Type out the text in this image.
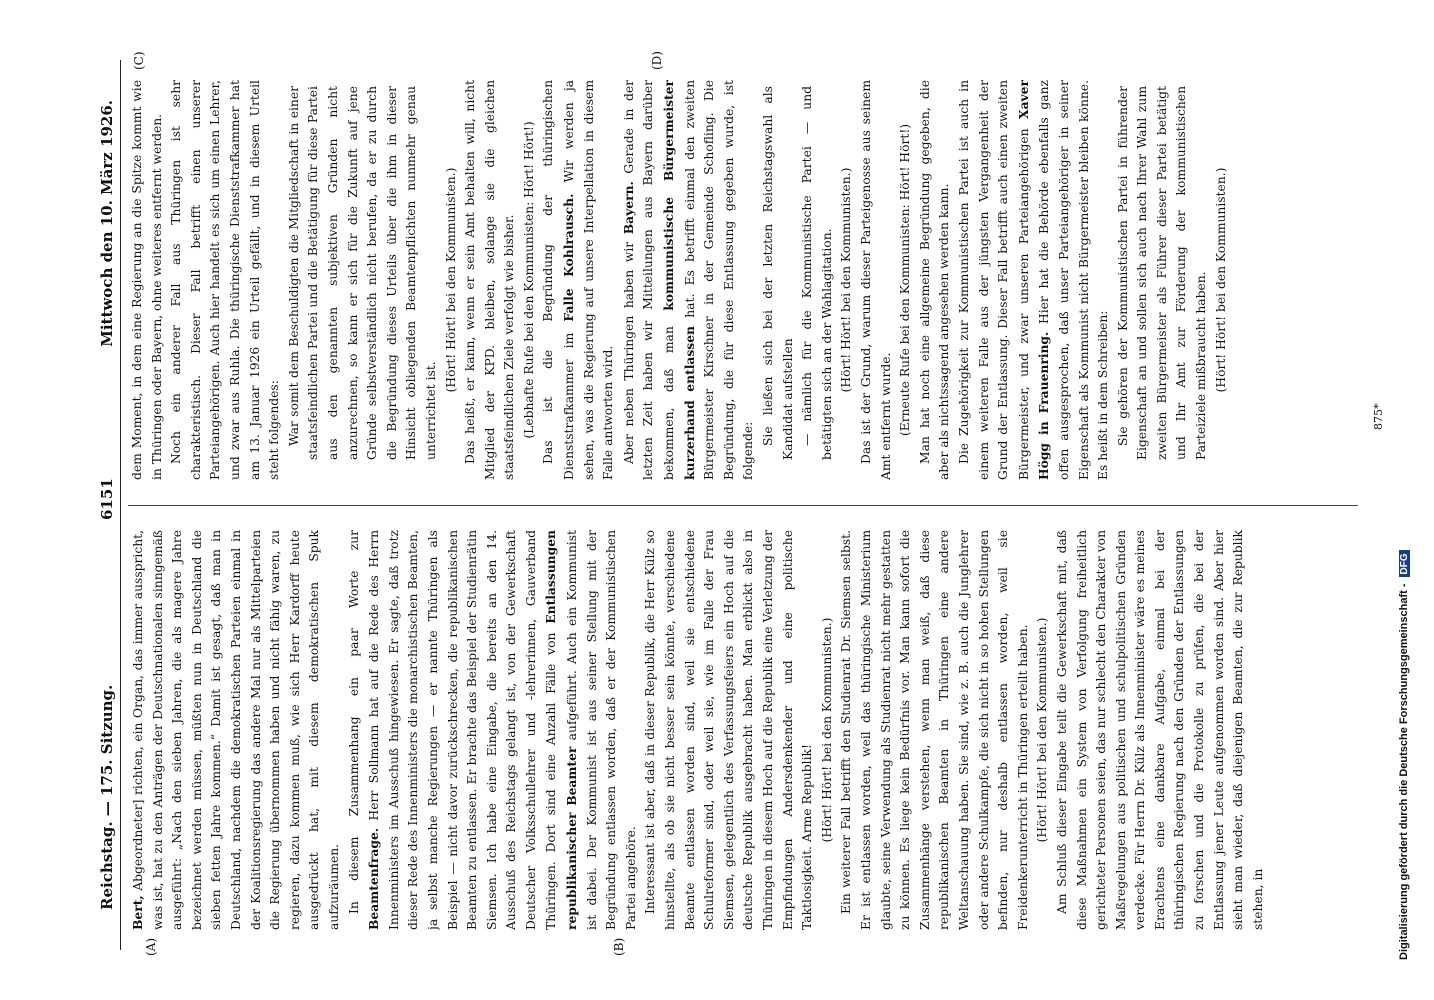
Reichstag. — 175. Sitzung.
Mittwoch den 10. März 1926.
6151
(A)	(B)
(C)	(D)

Bert, Abgeordneter] richten, ein Organ, das immer ausspricht, was ist, hat zu den Anträgen der Deutschnationalen sinngemäß ausgeführt: „Nach den sieben Jahren, die als magere Jahre bezeichnet werden müssen, müßten nun in Deutschland die sieben fetten Jahre kommen.“ Damit ist gesagt, daß man in Deutschland, nachdem die demokratischen Parteien einmal in der Koalitionsregierung das andere Mal nur als Mittelparteien die Regierung übernommen haben und nicht fähig waren, zu regieren, dazu kommen muß, wie sich Herr Kardorff heute ausgedrückt hat, mit diesem demokratischen Spuk aufzuräumen. In diesem Zusammenhang ein paar Worte zur Beamtenfrage. Herr Sollmann hat auf die Rede des Herrn Innenministers im Ausschuß hingewiesen. Er sagte, daß trotz dieser Rede des Innenministers die monarchistischen Beamten, ja selbst manche Regierungen — er nannte Thüringen als Beispiel — nicht davor zurückschrecken, die republikanischen Beamten zu entlassen. Er brachte das Beispiel der Studienrätin Siemsen. Ich habe eine Eingabe, die bereits an den 14. Ausschuß des Reichstags gelangt ist, von der Gewerkschaft Deutscher Volksschullehrer und -lehrerinnen, Gauverband Thüringen. Dort sind eine Anzahl Fälle von Entlassungen republikanischer Beamter aufgeführt. Auch ein Kommunist ist dabei. Der Kommunist ist aus seiner Stellung mit der Begründung entlassen worden, daß er der Kommunistischen Partei angehöre. Interessant ist aber, daß in dieser Republik, die Herr Külz so hinstellte, als ob sie nicht besser sein könnte, verschiedene Beamte entlassen worden sind, weil sie entschiedene Schulreformer sind, oder weil sie, wie im Falle der Frau Siemsen, gelegentlich des Verfassungsfeiers ein Hoch auf die deutsche Republik ausgebracht haben. Man erblickt also in Thüringen in diesem Hoch auf die Republik eine Verletzung der Empfindungen Andersdenkender und eine politische Taktlosigkeit. Arme Republik! (Hört! Hört! bei den Kommunisten.) Ein weiterer Fall betrifft den Studienrat Dr. Siemsen selbst. Er ist entlassen worden, weil das thüringische Ministerium glaubte, seine Verwendung als Studienrat nicht mehr gestatten zu können. Es liege kein Bedürfnis vor. Man kann sofort die Zusammenhänge verstehen, wenn man weiß, daß diese republikanischen Beamten in Thüringen eine andere Weltanschauung haben. Sie sind, wie z. B. auch die Junglehrer oder andere Schulkampfe, die sich nicht in so hohen Stellungen befinden, nur deshalb entlassen worden, weil sie Freidenkerunterricht in Thüringen erteilt haben. (Hört! Hört! bei den Kommunisten.) Am Schluß dieser Eingabe teilt die Gewerkschaft mit, daß diese Maßnahmen ein System von Verfolgung freiheitlich gerichteter Personen seien, das nur schlecht den Charakter von Maßregelungen aus politischen und schulpolitischen Gründen verdecke. Für Herrn Dr. Külz als Innenminister wäre es meines Erachtens eine dankbare Aufgabe, einmal bei der thüringischen Regierung nach den Gründen der Entlassungen zu forschen und die Protokolle zu prüfen, die bei der Entlassung jener Leute aufgenommen worden sind. Aber hier sieht man wieder, daß diejenigen Beamten, die zur Republik stehen, in

dem Moment, in dem eine Regierung an die Spitze kommt wie in Thüringen oder Bayern, ohne weiteres entfernt werden. Noch ein anderer Fall aus Thüringen ist sehr charakteristisch. Dieser Fall betrifft einen unserer Parteiangehörigen. Auch hier handelt es sich um einen Lehrer, und zwar aus Ruhla. Die thüringische Dienststrafkammer hat am 13. Januar 1926 ein Urteil gefällt, und in diesem Urteil steht folgendes: War somit dem Beschuldigten die Mitgliedschaft in einer staatsfeindlichen Partei und die Betätigung für diese Partei aus den genannten subjektiven Gründen nicht anzurechnen, so kann er sich für die Zukunft auf jene Gründe selbstverständlich nicht berufen, da er zu durch die Begründung dieses Urteils über die ihm in dieser Hinsicht obliegenden Beamtenpflichten nunmehr genau unterrichtet ist.

(Hört! Hört! bei den Kommunisten.) Das heißt, er kann, wenn er sein Amt behalten will, nicht Mitglied der KPD. bleiben, solange sie die gleichen staatsfeindlichen Ziele verfolgt wie bisher. (Lebhafte Rufe bei den Kommunisten: Hört! Hört!) Das ist die Begründung der thüringischen Dienststrafkammer im Falle Kohlrausch. Wir werden ja sehen, was die Regierung auf unsere Interpellation in diesem Falle antworten wird. Aber neben Thüringen haben wir Bayern. Gerade in der letzten Zeit haben wir Mitteilungen aus Bayern darüber bekommen, daß man kommunistische Bürgermeister kurzerhand entlassen hat. Es betrifft einmal den zweiten Bürgermeister Kirschner in der Gemeinde Schofling. Die Begründung, die für diese Entlassung gegeben wurde, ist folgende:

Sie ließen sich bei der letzten Reichstagswahl als Kandidat aufstellen — nämlich für die Kommunistische Partei — und betätigten sich an der Wahlagitation. (Hört! Hört! bei den Kommunisten.) Das ist der Grund, warum dieser Parteigenosse aus seinem Amt entfernt wurde. (Erneute Rufe bei den Kommunisten: Hört! Hört!) Man hat noch eine allgemeine Begründung gegeben, die aber als nichtssagend angesehen werden kann. Die Zugehörigkeit zur Kommunistischen Partei ist auch in einem weiteren Falle aus der jüngsten Vergangenheit der Grund der Entlassung. Dieser Fall betrifft auch einen zweiten Bürgermeister, und zwar unseren Parteiangehörigen Xaver Högg in Frauenring. Hier hat die Behörde ebenfalls ganz offen ausgesprochen, daß unser Parteiangehöriger in seiner Eigenschaft als Kommunist nicht Bürgermeister bleiben könne. Es heißt in dem Schreiben: Sie gehören der Kommunistischen Partei in führender Eigenschaft an und sollen sich auch nach Ihrer Wahl zum zweiten Bürgermeister als Führer dieser Partei betätigt und Ihr Amt zur Förderung der kommunistischen Parteiziele mißbraucht haben. (Hört! Hört! bei den Kommunisten.)

875*
Digitalisierung gefördert durch die Deutsche Forschungsgemeinschaft -DFG
